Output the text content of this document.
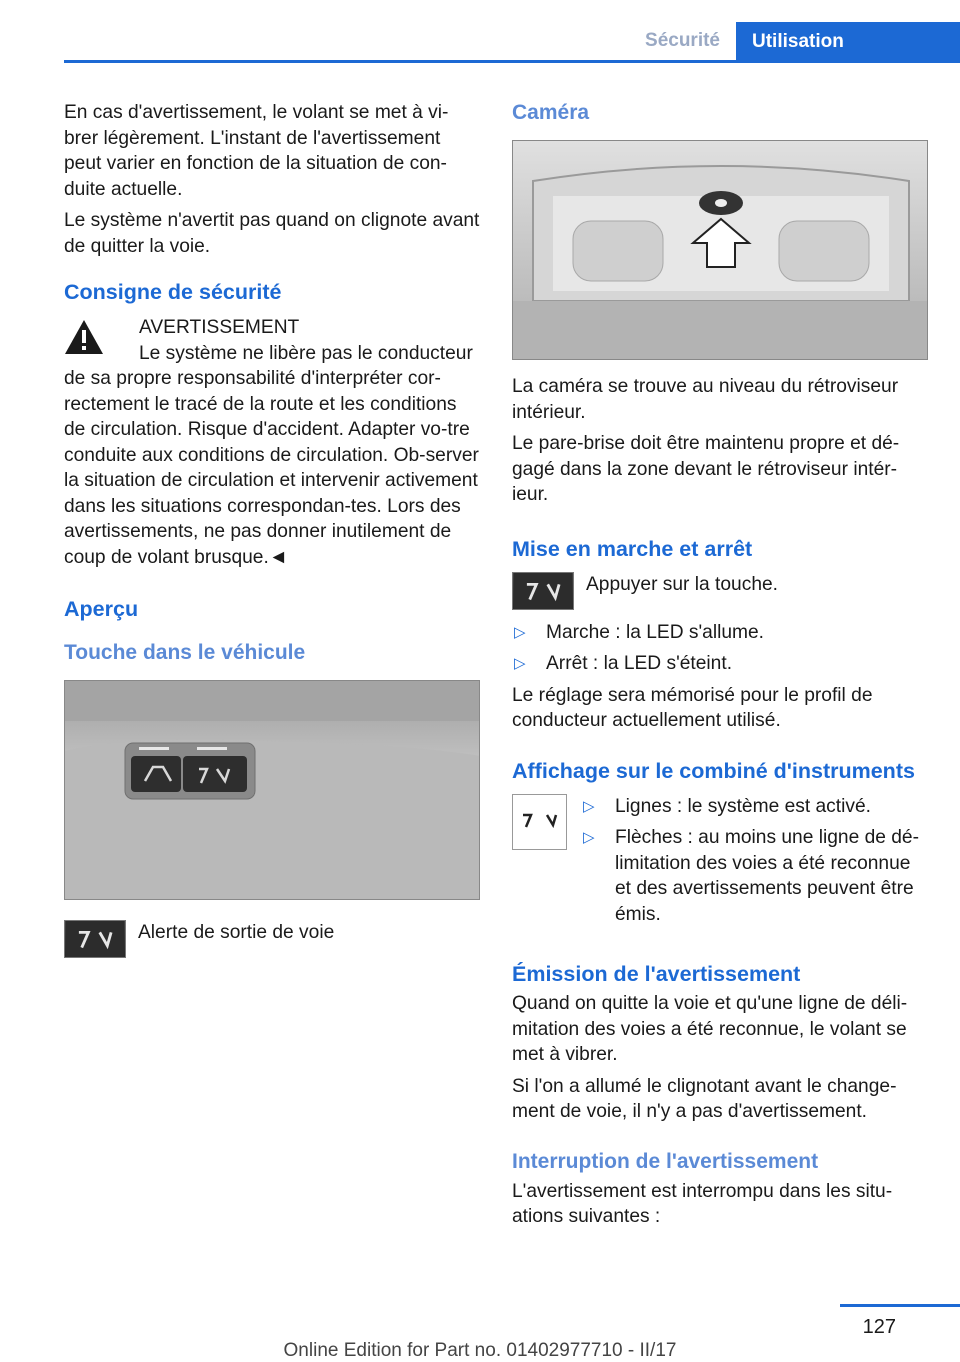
Sécurité	Utilisation

En cas d'avertissement, le volant se met à vi-brer légèrement. L'instant de l'avertissement peut varier en fonction de la situation de con-duite actuelle.

Le système n'avertit pas quand on clignote avant de quitter la voie.

Consigne de sécurité

AVERTISSEMENT

Le système ne libère pas le conducteur

de sa propre responsabilité d'interpréter cor-rectement le tracé de la route et les conditions de circulation. Risque d'accident. Adapter vo-tre conduite aux conditions de circulation. Ob-server la situation de circulation et intervenir activement dans les situations correspondan-tes. Lors des avertissements, ne pas donner inutilement de coup de volant brusque.◄

Aperçu
Touche dans le véhicule
Alerte de sortie de voie
Caméra

La caméra se trouve au niveau du rétroviseur intérieur.

Le pare-brise doit être maintenu propre et dé-gagé dans la zone devant le rétroviseur intér-ieur.

Mise en marche et arrêt
Appuyer sur la touche.
▷ Marche : la LED s'allume.
▷ Arrêt : la LED s'éteint.

Le réglage sera mémorisé pour le profil de conducteur actuellement utilisé.

Affichage sur le combiné d'instruments
▷ Lignes : le système est activé.
▷ Flèches : au moins une ligne de dé-limitation des voies a été reconnue et des avertissements peuvent être émis.
Émission de l'avertissement

Quand on quitte la voie et qu'une ligne de déli-mitation des voies a été reconnue, le volant se met à vibrer.

Si l'on a allumé le clignotant avant le change-ment de voie, il n'y a pas d'avertissement.

Interruption de l'avertissement

L'avertissement est interrompu dans les situ-ations suivantes :

127
Online Edition for Part no. 01402977710 - II/17
